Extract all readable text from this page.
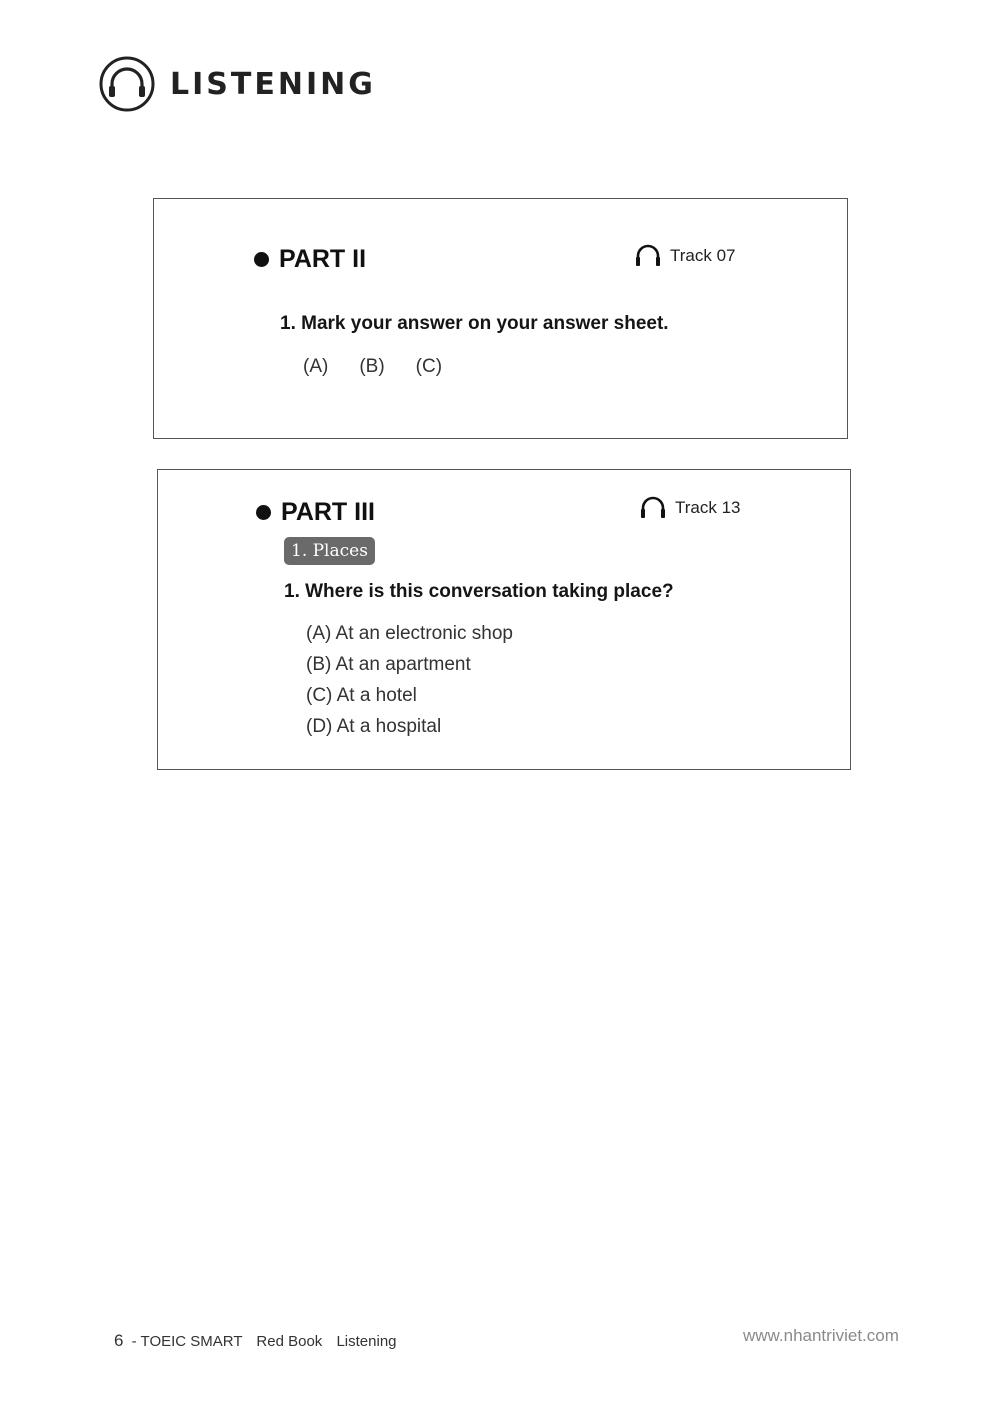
LISTENING
PART II	Track 07
1. Mark your answer on your answer sheet.
(A) (B) (C)
PART III	Track 13
1. Places
1. Where is this conversation taking place?
(A) At an electronic shop
(B) At an apartment
(C) At a hotel
(D) At a hospital
6 - TOEIC SMART Red Book Listening	www.nhantriviet.com
